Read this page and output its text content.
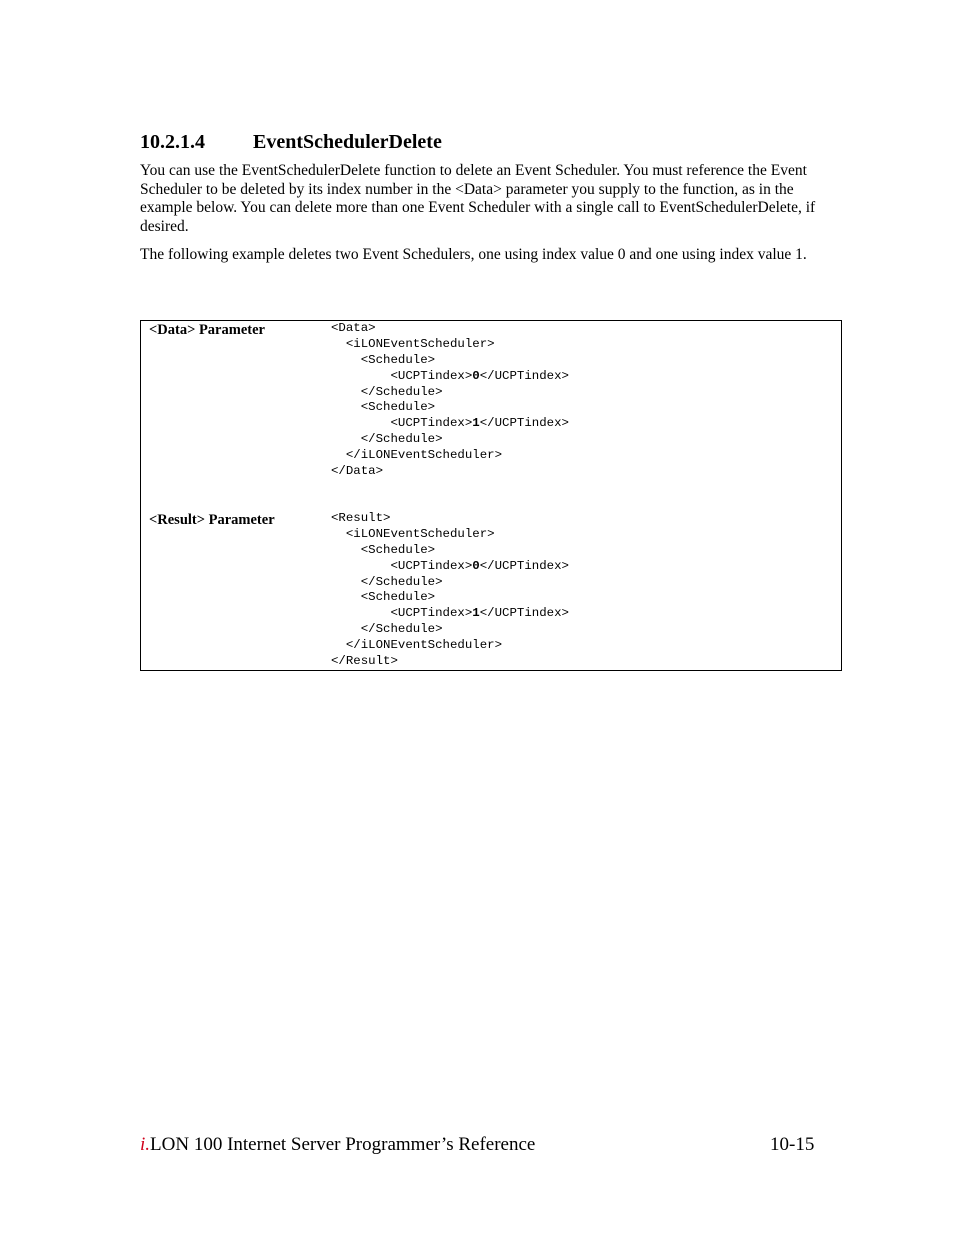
10.2.1.4 EventSchedulerDelete

You can use the EventSchedulerDelete function to delete an Event Scheduler. You must reference the Event Scheduler to be deleted by its index number in the <Data> parameter you supply to the function, as in the example below. You can delete more than one Event Scheduler with a single call to EventSchedulerDelete, if desired.

The following example deletes two Event Schedulers, one using index value 0 and one using index value 1.

<Data> Parameter	<Data>
<iLONEventScheduler>
<Schedule>
<UCPTindex>0</UCPTindex>
</Schedule>
<Schedule>
<UCPTindex>1</UCPTindex>
</Schedule>
</iLONEventScheduler>
</Data>
<Result> Parameter	<Result>
<iLONEventScheduler>
<Schedule>
<UCPTindex>0</UCPTindex>
</Schedule>
<Schedule>
<UCPTindex>1</UCPTindex>
</Schedule>
</iLONEventScheduler>
</Result>
i.LON 100 Internet Server Programmer’s Reference	10-15
